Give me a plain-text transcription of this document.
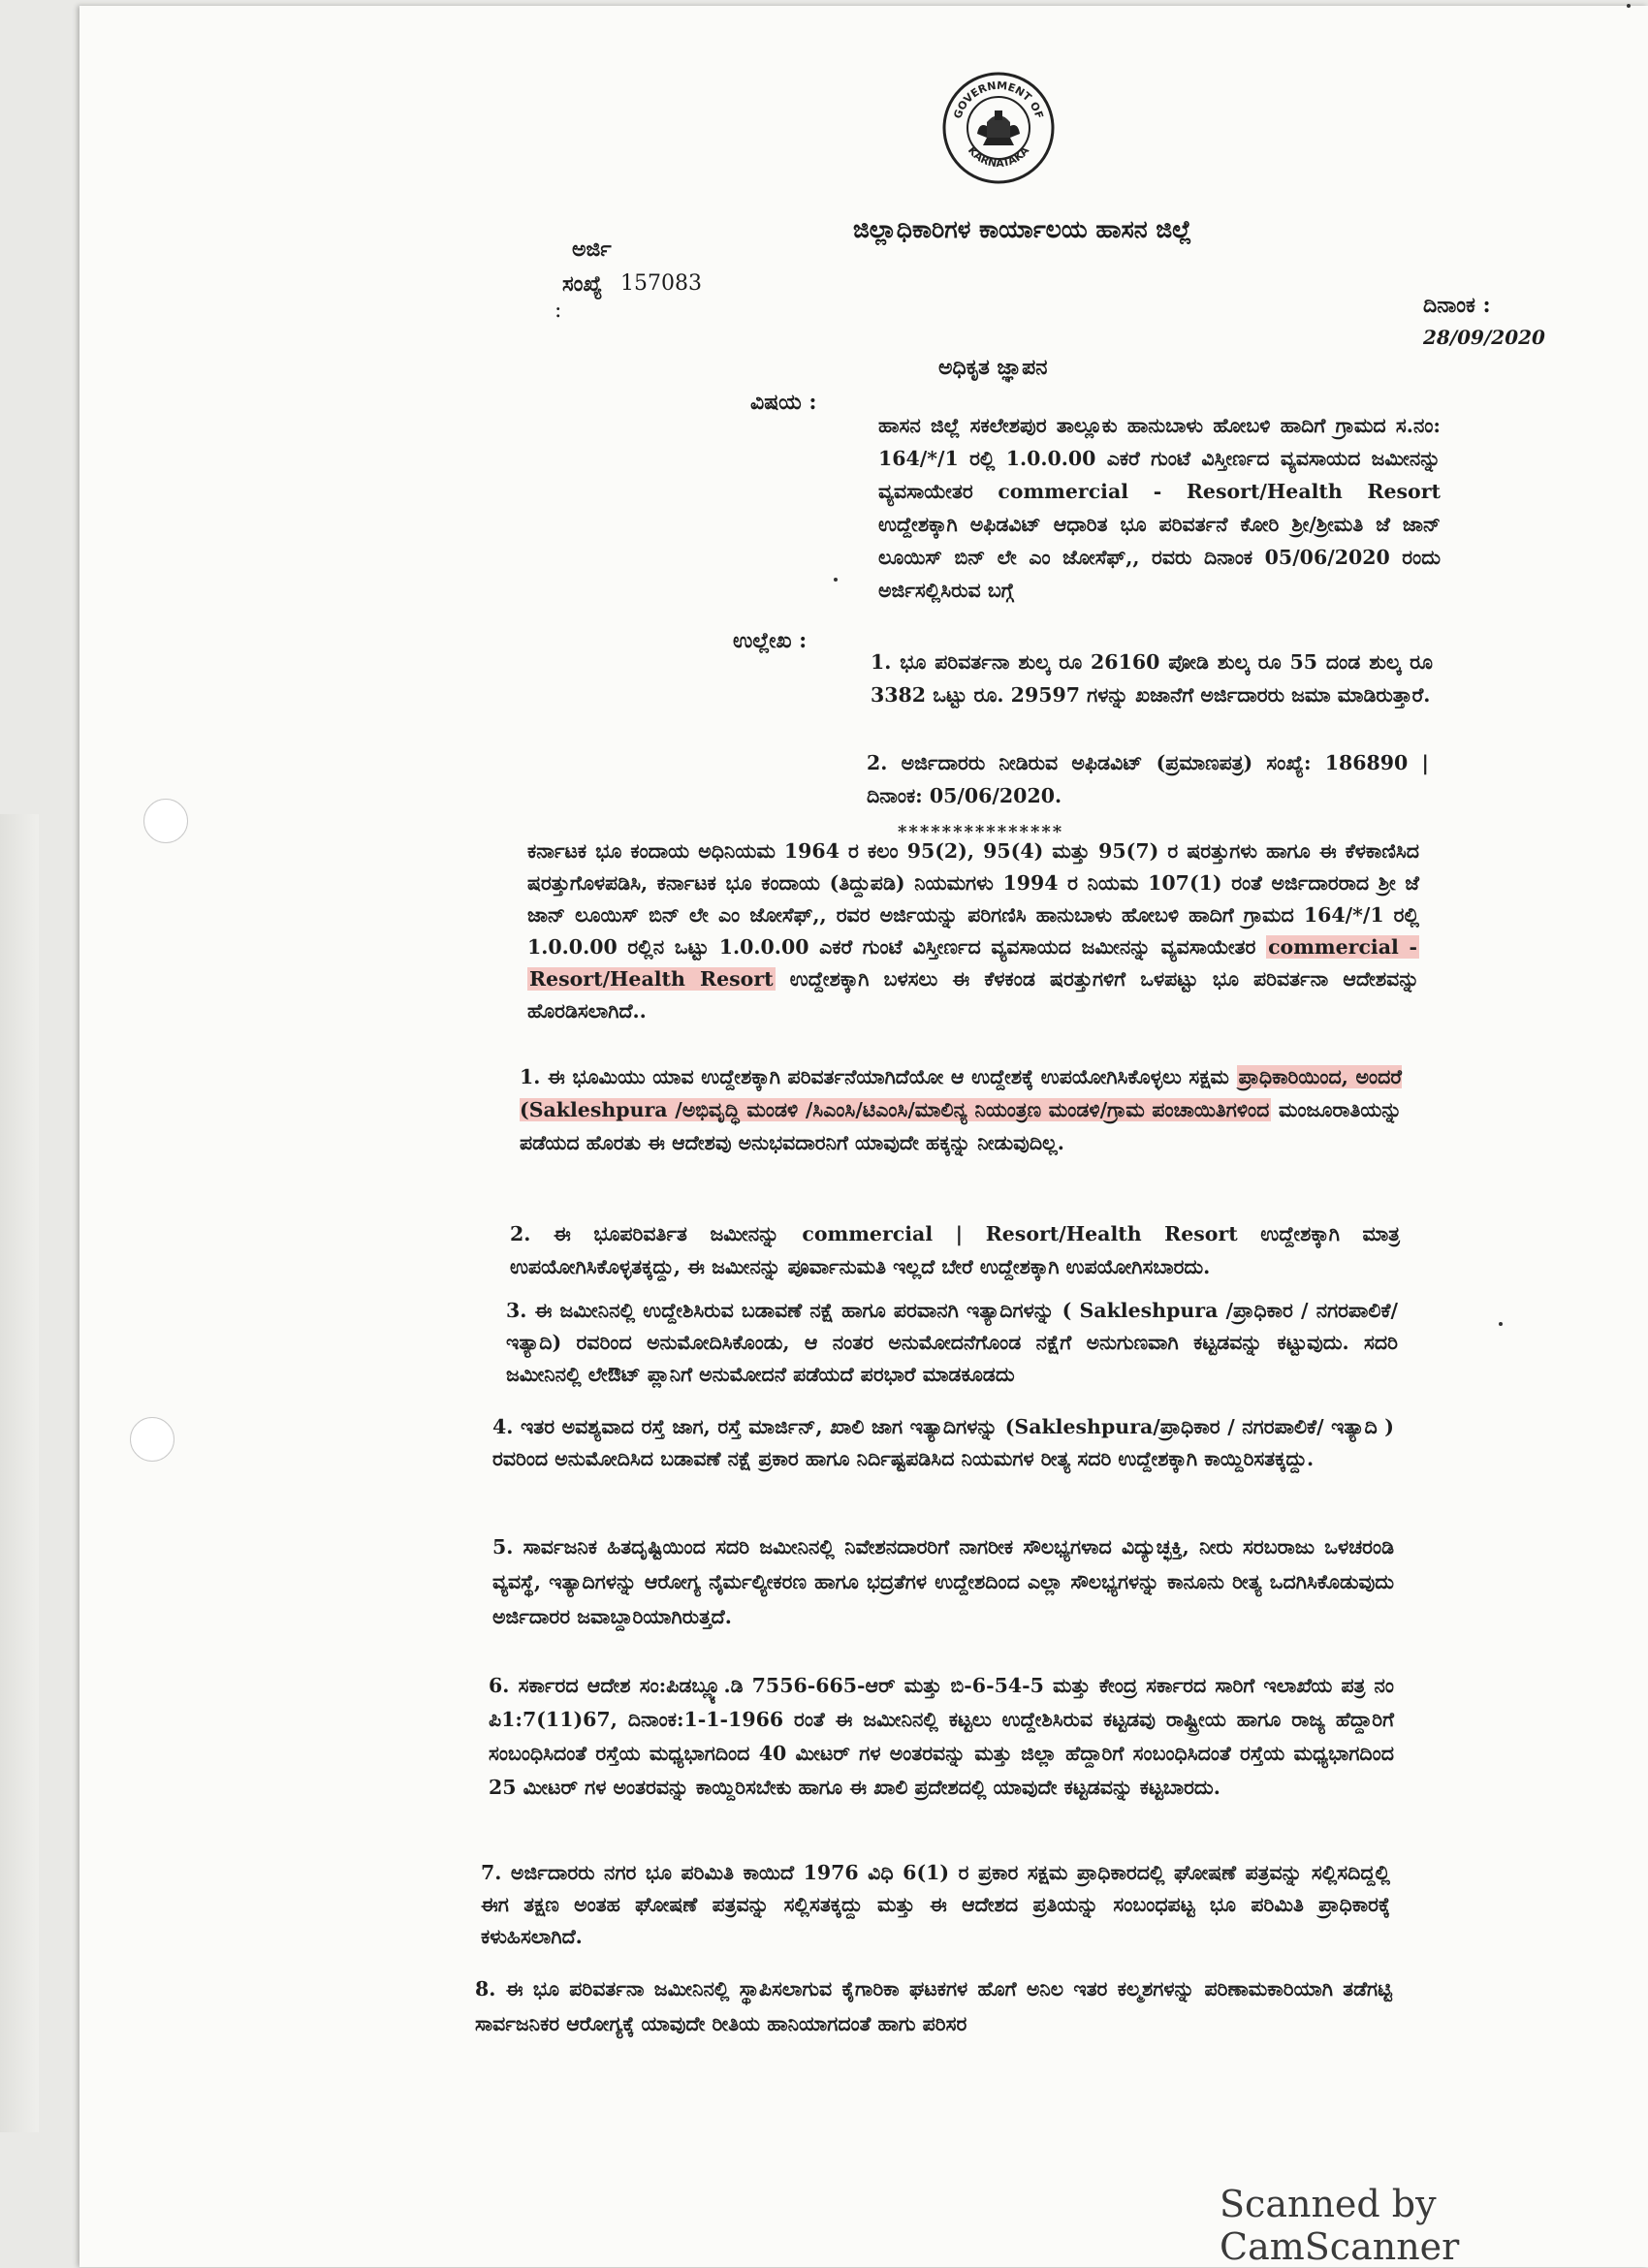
GOVERNMENT OF
KARNATAKA

ಜಿಲ್ಲಾಧಿಕಾರಿಗಳ ಕಾರ್ಯಾಲಯ ಹಾಸನ ಜಿಲ್ಲೆ

ಅರ್ಜಿ

ಸಂಖ್ಯೆ 157083

:	ದಿನಾಂಕ :

28/09/2020

ಅಧಿಕೃತ ಜ್ಞಾಪನ

ವಿಷಯ :

ಹಾಸನ ಜಿಲ್ಲೆ ಸಕಲೇಶಪುರ ತಾಲ್ಲೂಕು ಹಾನುಬಾಳು ಹೋಬಳಿ ಹಾದಿಗೆ ಗ್ರಾಮದ ಸ.ನಂ: 164/*/1 ರಲ್ಲಿ 1.0.0.00 ಎಕರೆ ಗುಂಟೆ ವಿಸ್ತೀರ್ಣದ ವ್ಯವಸಾಯದ ಜಮೀನನ್ನು ವ್ಯವಸಾಯೇತರ commercial - Resort/Health Resort ಉದ್ದೇಶಕ್ಕಾಗಿ ಅಫಿಡವಿಟ್ ಆಧಾರಿತ ಭೂ ಪರಿವರ್ತನೆ ಕೋರಿ ಶ್ರೀ/ಶ್ರೀಮತಿ ಜೆ ಜಾನ್ ಲೂಯಿಸ್ ಬಿನ್ ಲೇ ಎಂ ಜೋಸೆಫ್,, ರವರು ದಿನಾಂಕ 05/06/2020 ರಂದು ಅರ್ಜಿಸಲ್ಲಿಸಿರುವ ಬಗ್ಗೆ

ಉಲ್ಲೇಖ :

1. ಭೂ ಪರಿವರ್ತನಾ ಶುಲ್ಕ ರೂ 26160 ಪೋಡಿ ಶುಲ್ಕ ರೂ 55 ದಂಡ ಶುಲ್ಕ ರೂ 3382 ಒಟ್ಟು ರೂ. 29597 ಗಳನ್ನು ಖಜಾನೆಗೆ ಅರ್ಜಿದಾರರು ಜಮಾ ಮಾಡಿರುತ್ತಾರೆ.

2. ಅರ್ಜಿದಾರರು ನೀಡಿರುವ ಅಫಿಡವಿಟ್ (ಪ್ರಮಾಣಪತ್ರ) ಸಂಖ್ಯೆ: 186890 | ದಿನಾಂಕ: 05/06/2020.

***************

ಕರ್ನಾಟಕ ಭೂ ಕಂದಾಯ ಅಧಿನಿಯಮ 1964 ರ ಕಲಂ 95(2), 95(4) ಮತ್ತು 95(7) ರ ಷರತ್ತುಗಳು ಹಾಗೂ ಈ ಕೆಳಕಾಣಿಸಿದ ಷರತ್ತುಗೊಳಪಡಿಸಿ, ಕರ್ನಾಟಕ ಭೂ ಕಂದಾಯ (ತಿದ್ದುಪಡಿ) ನಿಯಮಗಳು 1994 ರ ನಿಯಮ 107(1) ರಂತೆ ಅರ್ಜಿದಾರರಾದ ಶ್ರೀ ಜೆ ಜಾನ್ ಲೂಯಿಸ್ ಬಿನ್ ಲೇ ಎಂ ಜೋಸೆಫ್,, ರವರ ಅರ್ಜಿಯನ್ನು ಪರಿಗಣಿಸಿ ಹಾನುಬಾಳು ಹೋಬಳಿ ಹಾದಿಗೆ ಗ್ರಾಮದ 164/*/1 ರಲ್ಲಿ 1.0.0.00 ರಲ್ಲಿನ ಒಟ್ಟು 1.0.0.00 ಎಕರೆ ಗುಂಟೆ ವಿಸ್ತೀರ್ಣದ ವ್ಯವಸಾಯದ ಜಮೀನನ್ನು ವ್ಯವಸಾಯೇತರ commercial - Resort/Health Resort ಉದ್ದೇಶಕ್ಕಾಗಿ ಬಳಸಲು ಈ ಕೆಳಕಂಡ ಷರತ್ತುಗಳಿಗೆ ಒಳಪಟ್ಟು ಭೂ ಪರಿವರ್ತನಾ ಆದೇಶವನ್ನು ಹೊರಡಿಸಲಾಗಿದೆ..

1. ಈ ಭೂಮಿಯು ಯಾವ ಉದ್ದೇಶಕ್ಕಾಗಿ ಪರಿವರ್ತನೆಯಾಗಿದೆಯೋ ಆ ಉದ್ದೇಶಕ್ಕೆ ಉಪಯೋಗಿಸಿಕೊಳ್ಳಲು ಸಕ್ಷಮ ಪ್ರಾಧಿಕಾರಿಯಿಂದ, ಅಂದರೆ (Sakleshpura /ಅಭಿವೃದ್ಧಿ ಮಂಡಳಿ /ಸಿಎಂಸಿ/ಟಿಎಂಸಿ/ಮಾಲಿನ್ಯ ನಿಯಂತ್ರಣ ಮಂಡಳಿ/ಗ್ರಾಮ ಪಂಚಾಯಿತಿಗಳಿಂದ ಮಂಜೂರಾತಿಯನ್ನು ಪಡೆಯದ ಹೊರತು ಈ ಆದೇಶವು ಅನುಭವದಾರನಿಗೆ ಯಾವುದೇ ಹಕ್ಕನ್ನು ನೀಡುವುದಿಲ್ಲ.

2. ಈ ಭೂಪರಿವರ್ತಿತ ಜಮೀನನ್ನು commercial | Resort/Health Resort ಉದ್ದೇಶಕ್ಕಾಗಿ ಮಾತ್ರ ಉಪಯೋಗಿಸಿಕೊಳ್ಳತಕ್ಕದ್ದು, ಈ ಜಮೀನನ್ನು ಪೂರ್ವಾನುಮತಿ ಇಲ್ಲದೆ ಬೇರೆ ಉದ್ದೇಶಕ್ಕಾಗಿ ಉಪಯೋಗಿಸಬಾರದು.

3. ಈ ಜಮೀನಿನಲ್ಲಿ ಉದ್ದೇಶಿಸಿರುವ ಬಡಾವಣೆ ನಕ್ಷೆ ಹಾಗೂ ಪರವಾನಗಿ ಇತ್ಯಾದಿಗಳನ್ನು ( Sakleshpura /ಪ್ರಾಧಿಕಾರ / ನಗರಪಾಲಿಕೆ/ಇತ್ಯಾದಿ) ರವರಿಂದ ಅನುಮೋದಿಸಿಕೊಂಡು, ಆ ನಂತರ ಅನುಮೋದನೆಗೊಂಡ ನಕ್ಷೆಗೆ ಅನುಗುಣವಾಗಿ ಕಟ್ಟಡವನ್ನು ಕಟ್ಟುವುದು. ಸದರಿ ಜಮೀನಿನಲ್ಲಿ ಲೇಔಟ್ ಪ್ಲಾನಿಗೆ ಅನುಮೋದನೆ ಪಡೆಯದೆ ಪರಭಾರೆ ಮಾಡಕೂಡದು

4. ಇತರ ಅವಶ್ಯವಾದ ರಸ್ತೆ ಜಾಗ, ರಸ್ತೆ ಮಾರ್ಜಿನ್, ಖಾಲಿ ಜಾಗ ಇತ್ಯಾದಿಗಳನ್ನು (Sakleshpura/ಪ್ರಾಧಿಕಾರ / ನಗರಪಾಲಿಕೆ/ ಇತ್ಯಾದಿ ) ರವರಿಂದ ಅನುಮೋದಿಸಿದ ಬಡಾವಣೆ ನಕ್ಷೆ ಪ್ರಕಾರ ಹಾಗೂ ನಿರ್ದಿಷ್ಟಪಡಿಸಿದ ನಿಯಮಗಳ ರೀತ್ಯ ಸದರಿ ಉದ್ದೇಶಕ್ಕಾಗಿ ಕಾಯ್ದಿರಿಸತಕ್ಕದ್ದು.

5. ಸಾರ್ವಜನಿಕ ಹಿತದೃಷ್ಟಿಯಿಂದ ಸದರಿ ಜಮೀನಿನಲ್ಲಿ ನಿವೇಶನದಾರರಿಗೆ ನಾಗರೀಕ ಸೌಲಭ್ಯಗಳಾದ ವಿದ್ಯುಚ್ಛಕ್ತಿ, ನೀರು ಸರಬರಾಜು ಒಳಚರಂಡಿ ವ್ಯವಸ್ಥೆ, ಇತ್ಯಾದಿಗಳನ್ನು ಆರೋಗ್ಯ ನೈರ್ಮಲ್ಯೀಕರಣ ಹಾಗೂ ಭದ್ರತೆಗಳ ಉದ್ದೇಶದಿಂದ ಎಲ್ಲಾ ಸೌಲಭ್ಯಗಳನ್ನು ಕಾನೂನು ರೀತ್ಯ ಒದಗಿಸಿಕೊಡುವುದು ಅರ್ಜಿದಾರರ ಜವಾಬ್ದಾರಿಯಾಗಿರುತ್ತದೆ.

6. ಸರ್ಕಾರದ ಆದೇಶ ಸಂ:ಪಿಡಬ್ಲ್ಯೂ.ಡಿ 7556-665-ಆರ್ ಮತ್ತು ಬಿ-6-54-5 ಮತ್ತು ಕೇಂದ್ರ ಸರ್ಕಾರದ ಸಾರಿಗೆ ಇಲಾಖೆಯ ಪತ್ರ ನಂ ಪಿ1:7(11)67, ದಿನಾಂಕ:1-1-1966 ರಂತೆ ಈ ಜಮೀನಿನಲ್ಲಿ ಕಟ್ಟಲು ಉದ್ದೇಶಿಸಿರುವ ಕಟ್ಟಡವು ರಾಷ್ಟ್ರೀಯ ಹಾಗೂ ರಾಜ್ಯ ಹೆದ್ದಾರಿಗೆ ಸಂಬಂಧಿಸಿದಂತೆ ರಸ್ತೆಯ ಮಧ್ಯಭಾಗದಿಂದ 40 ಮೀಟರ್ ಗಳ ಅಂತರವನ್ನು ಮತ್ತು ಜಿಲ್ಲಾ ಹೆದ್ದಾರಿಗೆ ಸಂಬಂಧಿಸಿದಂತೆ ರಸ್ತೆಯ ಮಧ್ಯಭಾಗದಿಂದ 25 ಮೀಟರ್ ಗಳ ಅಂತರವನ್ನು ಕಾಯ್ದಿರಿಸಬೇಕು ಹಾಗೂ ಈ ಖಾಲಿ ಪ್ರದೇಶದಲ್ಲಿ ಯಾವುದೇ ಕಟ್ಟಡವನ್ನು ಕಟ್ಟಬಾರದು.

7. ಅರ್ಜಿದಾರರು ನಗರ ಭೂ ಪರಿಮಿತಿ ಕಾಯಿದೆ 1976 ವಿಧಿ 6(1) ರ ಪ್ರಕಾರ ಸಕ್ಷಮ ಪ್ರಾಧಿಕಾರದಲ್ಲಿ ಘೋಷಣೆ ಪತ್ರವನ್ನು ಸಲ್ಲಿಸದಿದ್ದಲ್ಲಿ ಈಗ ತಕ್ಷಣ ಅಂತಹ ಘೋಷಣೆ ಪತ್ರವನ್ನು ಸಲ್ಲಿಸತಕ್ಕದ್ದು ಮತ್ತು ಈ ಆದೇಶದ ಪ್ರತಿಯನ್ನು ಸಂಬಂಧಪಟ್ಟ ಭೂ ಪರಿಮಿತಿ ಪ್ರಾಧಿಕಾರಕ್ಕೆ ಕಳುಹಿಸಲಾಗಿದೆ.

8. ಈ ಭೂ ಪರಿವರ್ತನಾ ಜಮೀನಿನಲ್ಲಿ ಸ್ಥಾಪಿಸಲಾಗುವ ಕೈಗಾರಿಕಾ ಘಟಕಗಳ ಹೊಗೆ ಅನಿಲ ಇತರ ಕಲ್ಮಶಗಳನ್ನು ಪರಿಣಾಮಕಾರಿಯಾಗಿ ತಡೆಗಟ್ಟಿ ಸಾರ್ವಜನಿಕರ ಆರೋಗ್ಯಕ್ಕೆ ಯಾವುದೇ ರೀತಿಯ ಹಾನಿಯಾಗದಂತೆ ಹಾಗು ಪರಿಸರ

Scanned by CamScanner
